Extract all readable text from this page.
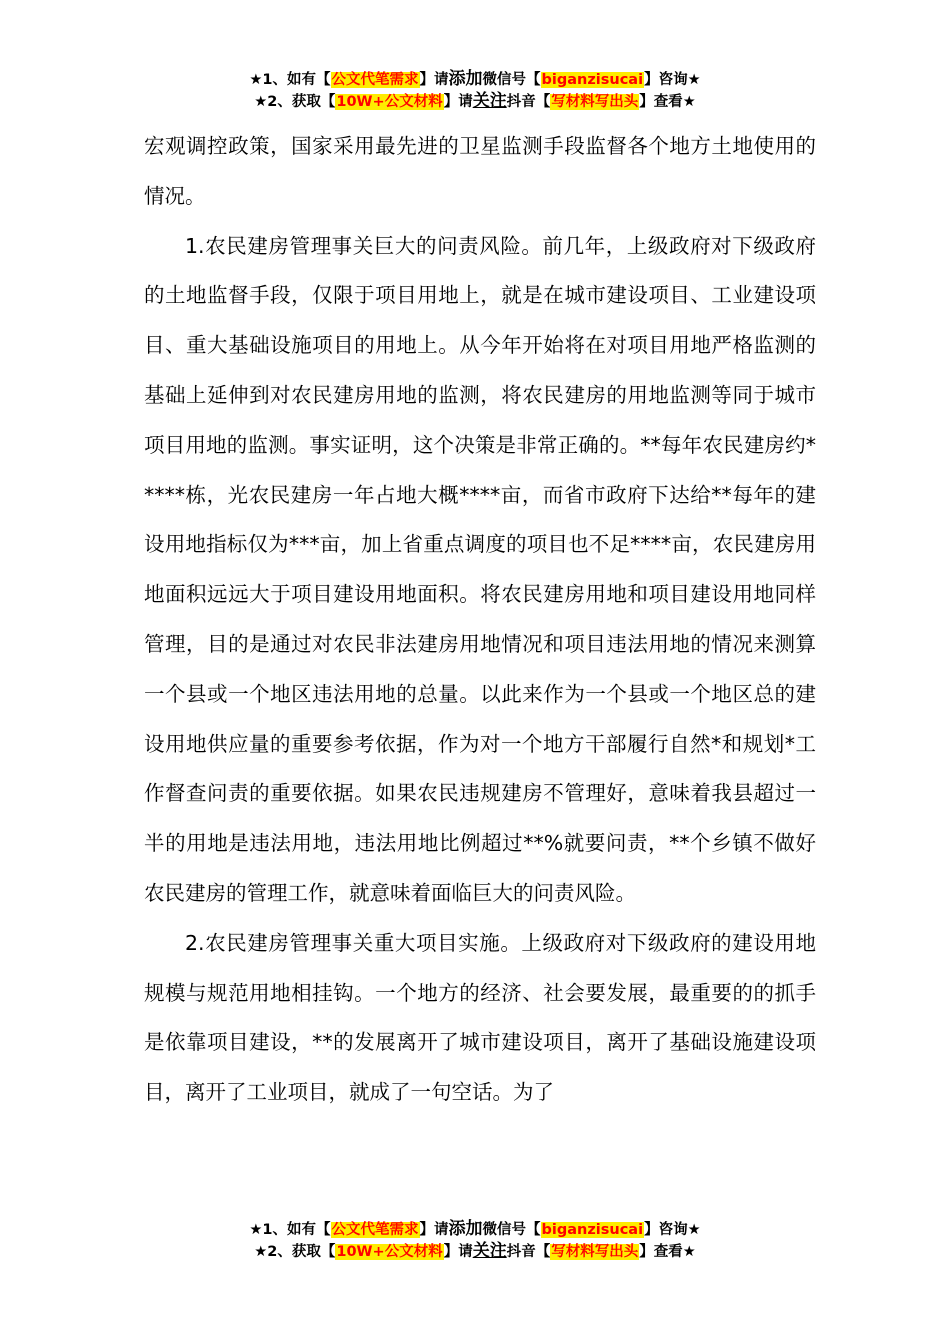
★1、如有【公文代笔需求】请添加微信号【biganzisucai】咨询★
★2、获取【10W+公文材料】请关注抖音【写材料写出头】查看★

宏观调控政策，国家采用最先进的卫星监测手段监督各个地方土地使用的情况。

1.农民建房管理事关巨大的问责风险。前几年，上级政府对下级政府的土地监督手段，仅限于项目用地上，就是在城市建设项目、工业建设项目、重大基础设施项目的用地上。从今年开始将在对项目用地严格监测的基础上延伸到对农民建房用地的监测，将农民建房的用地监测等同于城市项目用地的监测。事实证明，这个决策是非常正确的。**每年农民建房约*****栋，光农民建房一年占地大概****亩，而省市政府下达给**每年的建设用地指标仅为***亩，加上省重点调度的项目也不足****亩，农民建房用地面积远远大于项目建设用地面积。将农民建房用地和项目建设用地同样管理，目的是通过对农民非法建房用地情况和项目违法用地的情况来测算一个县或一个地区违法用地的总量。以此来作为一个县或一个地区总的建设用地供应量的重要参考依据，作为对一个地方干部履行自然*和规划*工作督查问责的重要依据。如果农民违规建房不管理好，意味着我县超过一半的用地是违法用地，违法用地比例超过**%就要问责，**个乡镇不做好农民建房的管理工作，就意味着面临巨大的问责风险。

2.农民建房管理事关重大项目实施。上级政府对下级政府的建设用地规模与规范用地相挂钩。一个地方的经济、社会要发展，最重要的的抓手是依靠项目建设，**的发展离开了城市建设项目，离开了基础设施建设项目，离开了工业项目，就成了一句空话。为了

★1、如有【公文代笔需求】请添加微信号【biganzisucai】咨询★
★2、获取【10W+公文材料】请关注抖音【写材料写出头】查看★
